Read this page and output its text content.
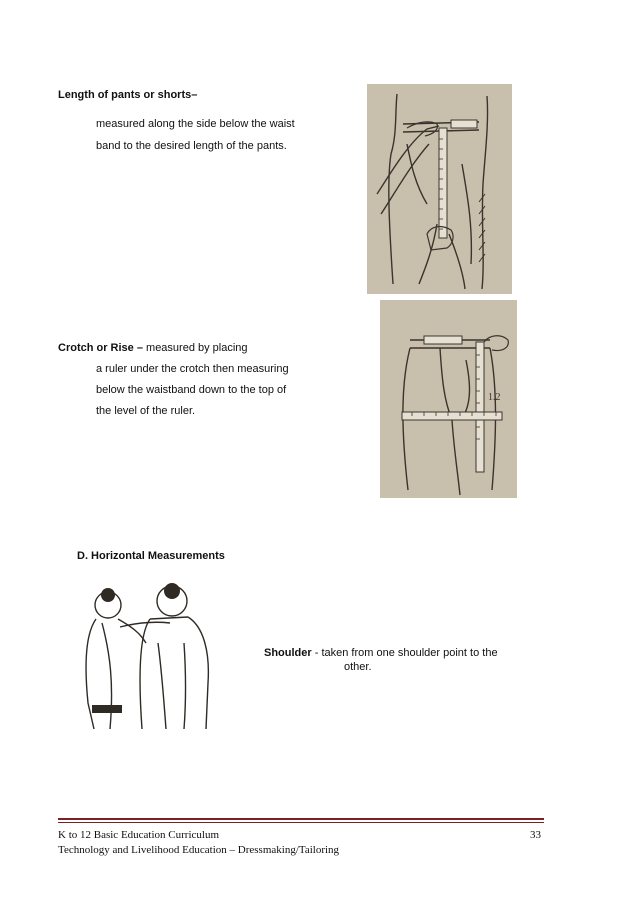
Length of pants or shorts–
measured along the side below the waist
band to the desired length of the pants.
Crotch or Rise – measured by placing
a ruler under the crotch then measuring
below the waistband down to the top of
the level of the ruler.
1.2
D. Horizontal Measurements
Shoulder - taken from one shoulder point to the
other.
K to 12 Basic Education Curriculum
Technology and Livelihood Education – Dressmaking/Tailoring
33
